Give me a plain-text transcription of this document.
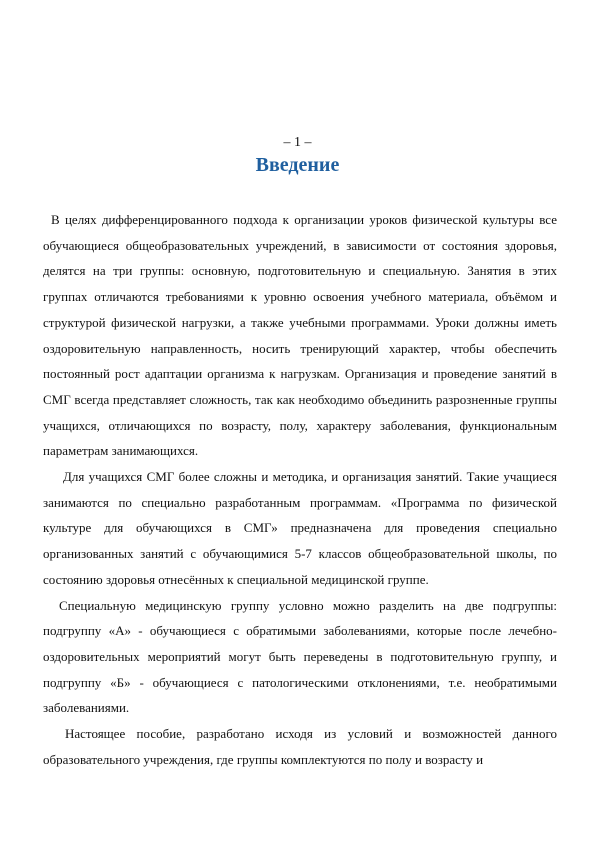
– 1 –
Введение

В целях дифференцированного подхода к организации уроков физической культуры все обучающиеся общеобразовательных учреждений, в зависимости от состояния здоровья, делятся на три группы: основную, подготовительную и специальную. Занятия в этих группах отличаются требованиями к уровню освоения учебного материала, объёмом и структурой физической нагрузки, а также учебными программами. Уроки должны иметь оздоровительную направленность, носить тренирующий характер, чтобы обеспечить постоянный рост адаптации организма к нагрузкам. Организация и проведение занятий в СМГ всегда представляет сложность, так как необходимо объединить разрозненные группы учащихся, отличающихся по возрасту, полу, характеру заболевания, функциональным параметрам занимающихся.

Для учащихся СМГ более сложны и методика, и организация занятий. Такие учащиеся занимаются по специально разработанным программам. «Программа по физической культуре для обучающихся в СМГ» предназначена для проведения специально организованных занятий с обучающимися 5-7 классов общеобразовательной школы, по состоянию здоровья отнесённых к специальной медицинской группе.

Специальную медицинскую группу условно можно разделить на две подгруппы: подгруппу «А» - обучающиеся с обратимыми заболеваниями, которые после лечебно-оздоровительных мероприятий могут быть переведены в подготовительную группу, и подгруппу «Б» - обучающиеся с патологическими отклонениями, т.е. необратимыми заболеваниями.

Настоящее пособие, разработано исходя из условий и возможностей данного образовательного учреждения, где группы комплектуются по полу и возрасту и
